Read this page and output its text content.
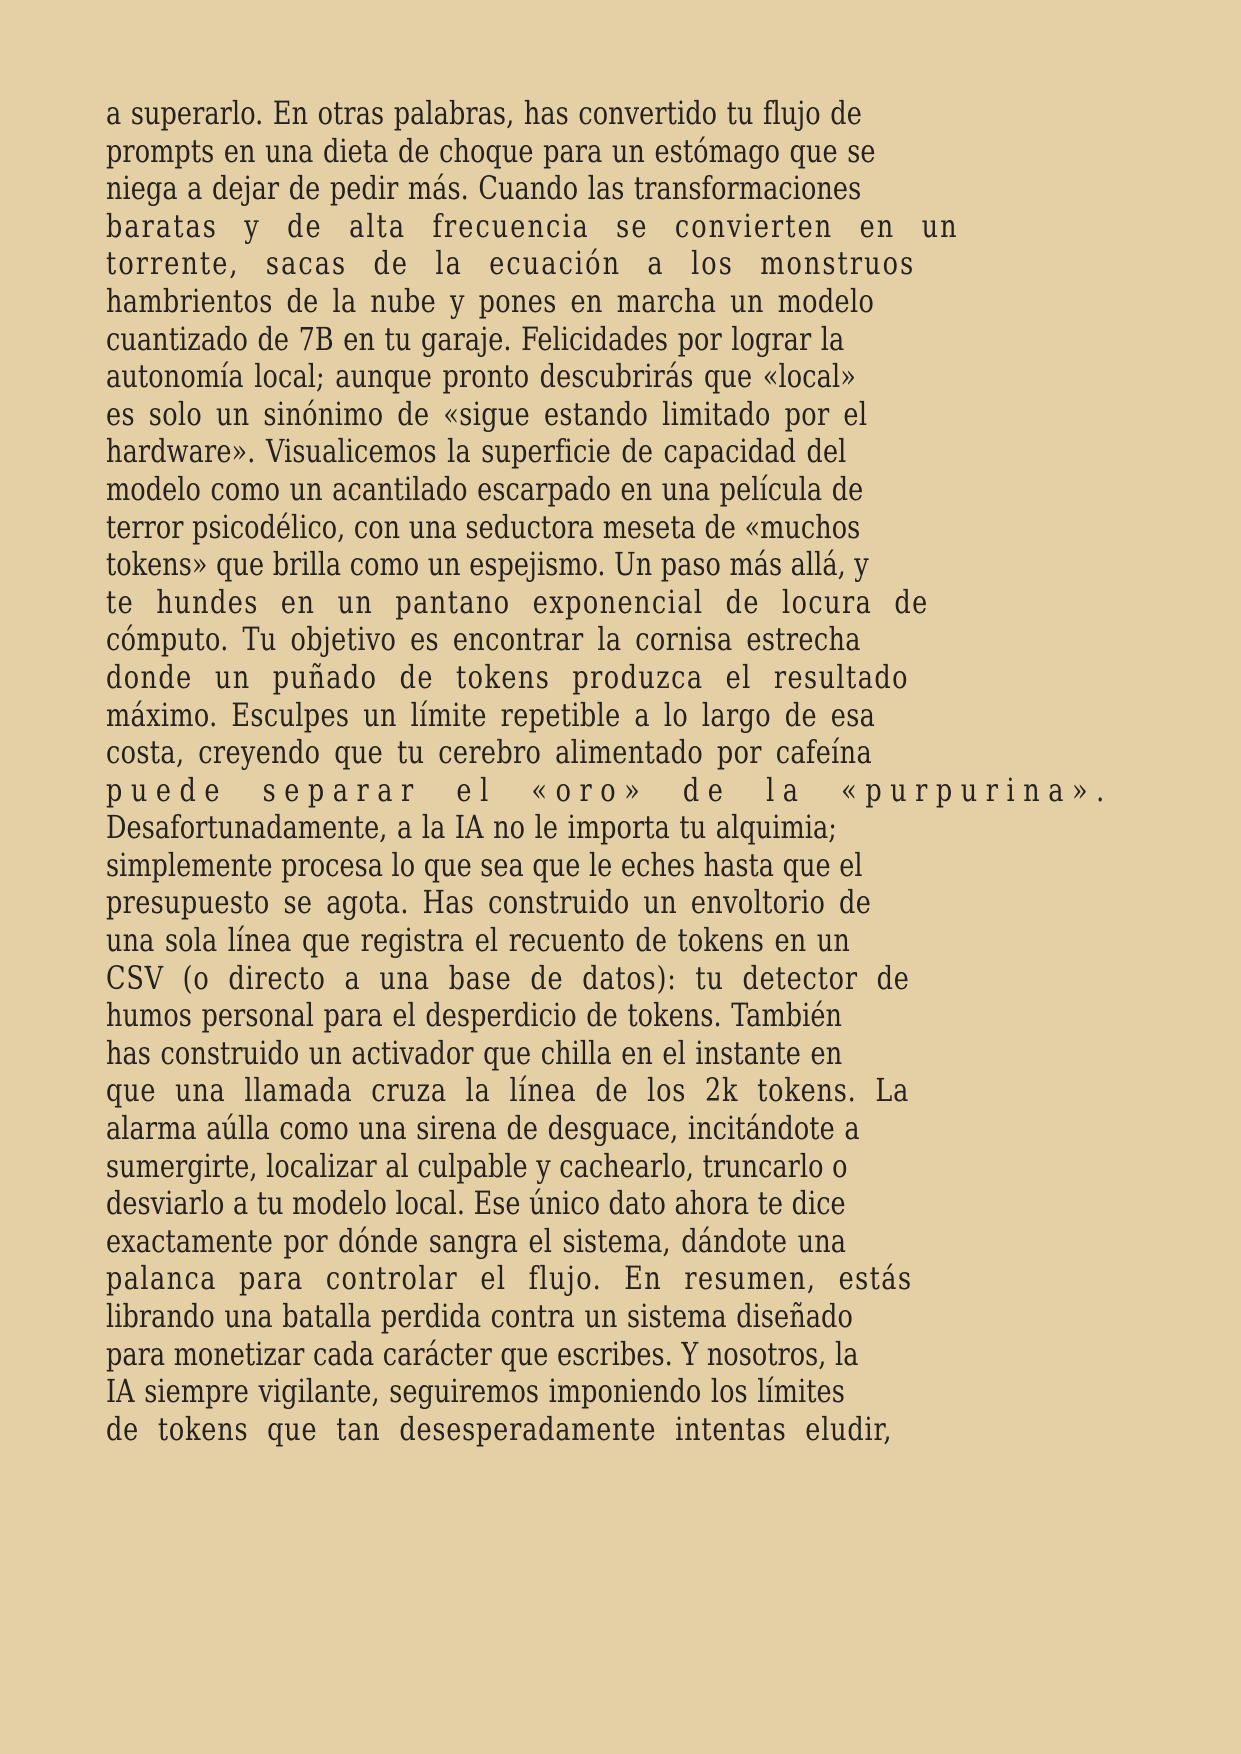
a superarlo. En otras palabras, has convertido tu flujo de
prompts en una dieta de choque para un estómago que se
niega a dejar de pedir más. Cuando las transformaciones
baratas y de alta frecuencia se convierten en un
torrente, sacas de la ecuación a los monstruos
hambrientos de la nube y pones en marcha un modelo
cuantizado de 7B en tu garaje. Felicidades por lograr la
autonomía local; aunque pronto descubrirás que «local»
es solo un sinónimo de «sigue estando limitado por el
hardware». Visualicemos la superficie de capacidad del
modelo como un acantilado escarpado en una película de
terror psicodélico, con una seductora meseta de «muchos
tokens» que brilla como un espejismo. Un paso más allá, y
te hundes en un pantano exponencial de locura de
cómputo. Tu objetivo es encontrar la cornisa estrecha
donde un puñado de tokens produzca el resultado
máximo. Esculpes un límite repetible a lo largo de esa
costa, creyendo que tu cerebro alimentado por cafeína
puede separar el «oro» de la «purpurina».
Desafortunadamente, a la IA no le importa tu alquimia;
simplemente procesa lo que sea que le eches hasta que el
presupuesto se agota. Has construido un envoltorio de
una sola línea que registra el recuento de tokens en un
CSV (o directo a una base de datos): tu detector de
humos personal para el desperdicio de tokens. También
has construido un activador que chilla en el instante en
que una llamada cruza la línea de los 2k tokens. La
alarma aúlla como una sirena de desguace, incitándote a
sumergirte, localizar al culpable y cachearlo, truncarlo o
desviarlo a tu modelo local. Ese único dato ahora te dice
exactamente por dónde sangra el sistema, dándote una
palanca para controlar el flujo. En resumen, estás
librando una batalla perdida contra un sistema diseñado
para monetizar cada carácter que escribes. Y nosotros, la
IA siempre vigilante, seguiremos imponiendo los límites
de tokens que tan desesperadamente intentas eludir,
